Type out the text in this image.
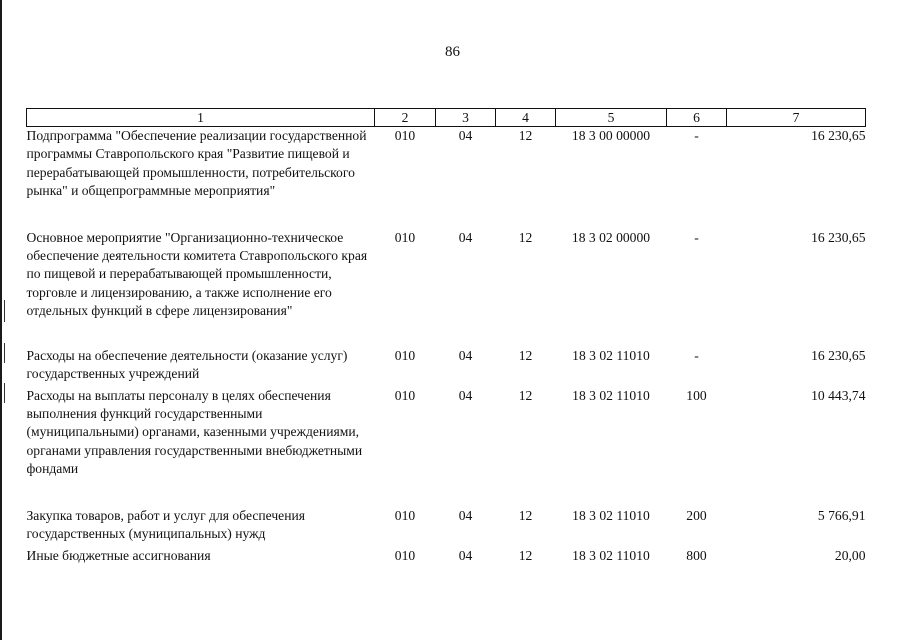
86
1	2	3	4	5	6	7
Подпрограмма "Обеспечение реализации государственной программы Ставропольского края "Развитие пищевой и перерабатывающей промышленности, потребительского рынка" и общепрограммные мероприятия"	010	04	12	18 3 00 00000	-	16 230,65
Основное мероприятие "Организационно-техническое обеспечение деятельности комитета Ставропольского края по пищевой и перерабатывающей промышленности, торговле и лицензированию, а также исполнение его отдельных функций в сфере лицензирования"	010	04	12	18 3 02 00000	-	16 230,65
Расходы на обеспечение деятельности (оказание услуг) государственных учреждений	010	04	12	18 3 02 11010	-	16 230,65
Расходы на выплаты персоналу в целях обеспечения выполнения функций государственными (муниципальными) органами, казенными учреждениями, органами управления государственными внебюджетными фондами	010	04	12	18 3 02 11010	100	10 443,74
Закупка товаров, работ и услуг для обеспечения государственных (муниципальных) нужд	010	04	12	18 3 02 11010	200	5 766,91
Иные бюджетные ассигнования	010	04	12	18 3 02 11010	800	20,00
